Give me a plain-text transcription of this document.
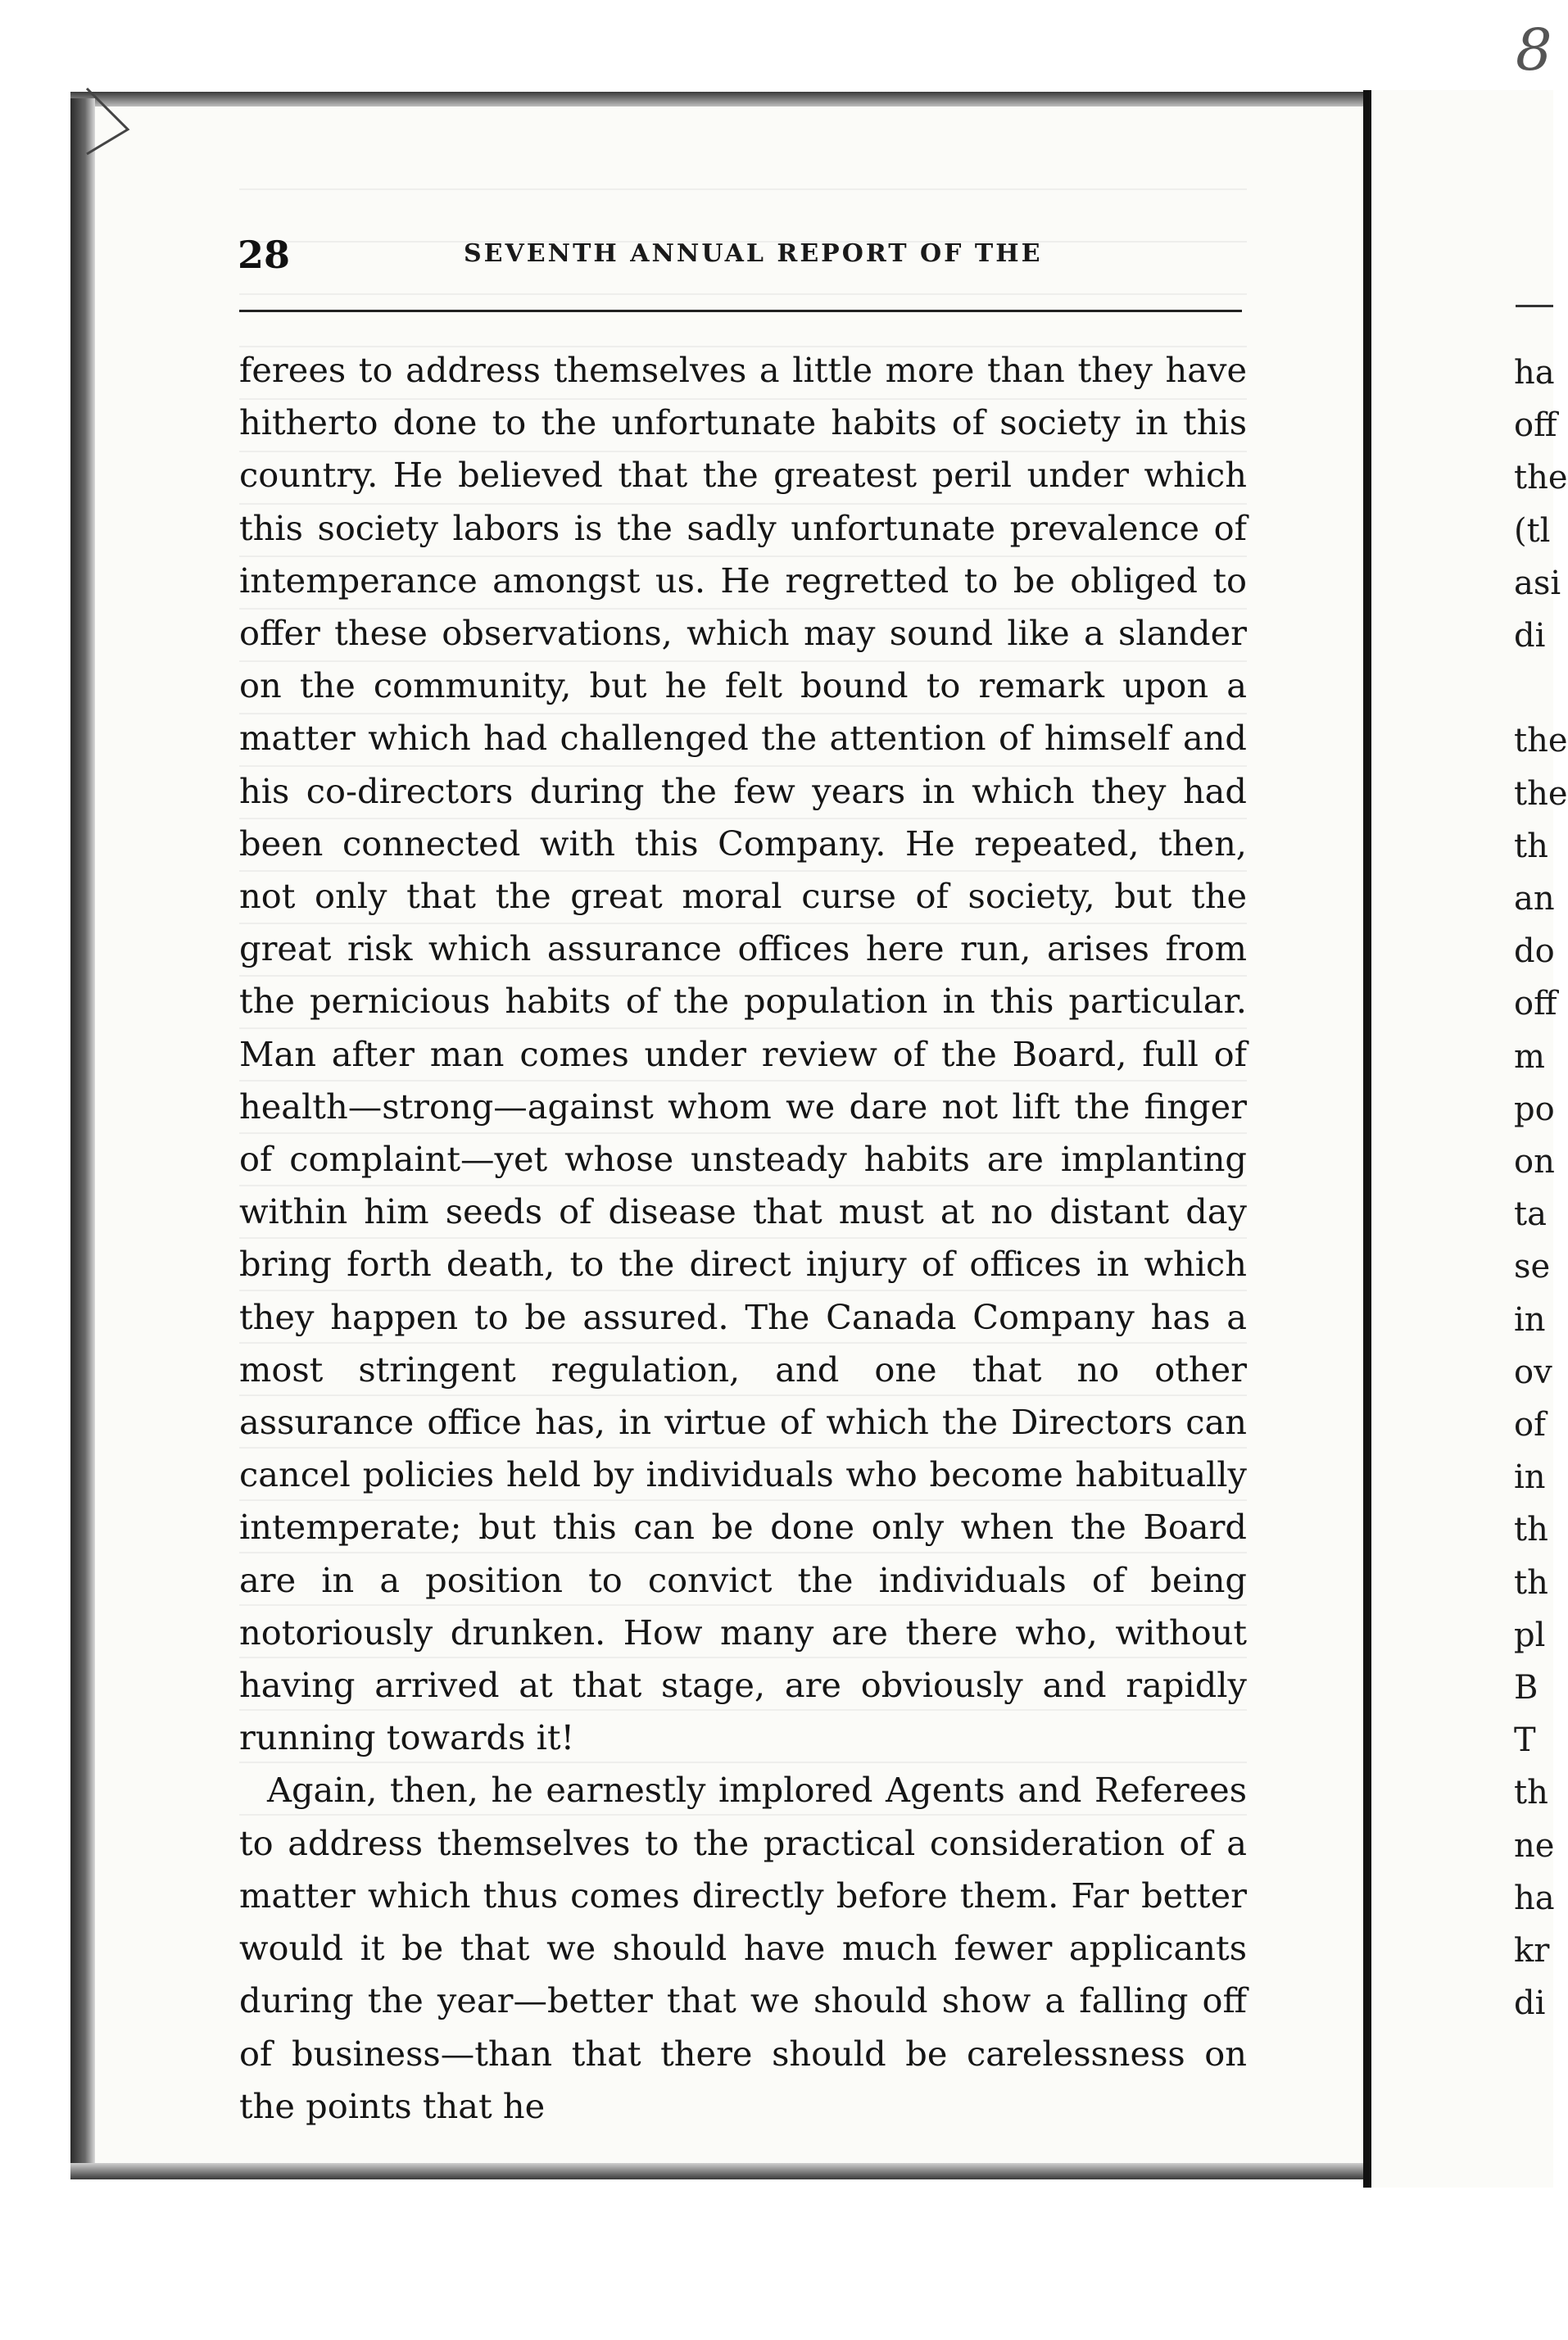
28	SEVENTH ANNUAL REPORT OF THE

ferees to address themselves a little more than they have hitherto done to the unfortunate habits of society in this country. He believed that the greatest peril under which this society labors is the sadly unfortunate prevalence of intemperance amongst us. He regretted to be obliged to offer these observations, which may sound like a slander on the community, but he felt bound to remark upon a matter which had challenged the attention of himself and his co-directors during the few years in which they had been connected with this Company. He repeated, then, not only that the great moral curse of society, but the great risk which assurance offices here run, arises from the pernicious habits of the population in this particular. Man after man comes under review of the Board, full of health—strong—against whom we dare not lift the finger of complaint—yet whose unsteady habits are implanting within him seeds of disease that must at no distant day bring forth death, to the direct injury of offices in which they happen to be assured. The Canada Company has a most stringent regulation, and one that no other assurance office has, in virtue of which the Directors can cancel policies held by individuals who become habitually intemperate; but this can be done only when the Board are in a position to convict the individuals of being notoriously drunken. How many are there who, without having arrived at that stage, are obviously and rapidly running towards it!

Again, then, he earnestly implored Agents and Referees to address themselves to the practical consideration of a matter which thus comes directly before them. Far better would it be that we should have much fewer applicants during the year—better that we should show a falling off of business—than that there should be carelessness on the points that he

ha
off
the
(tl
asi
di
the
the
th
an
do
off
m
po
on
ta
se
in
ov
of
in
th
th
pl
B
T
th
ne
ha
kr
di
8
